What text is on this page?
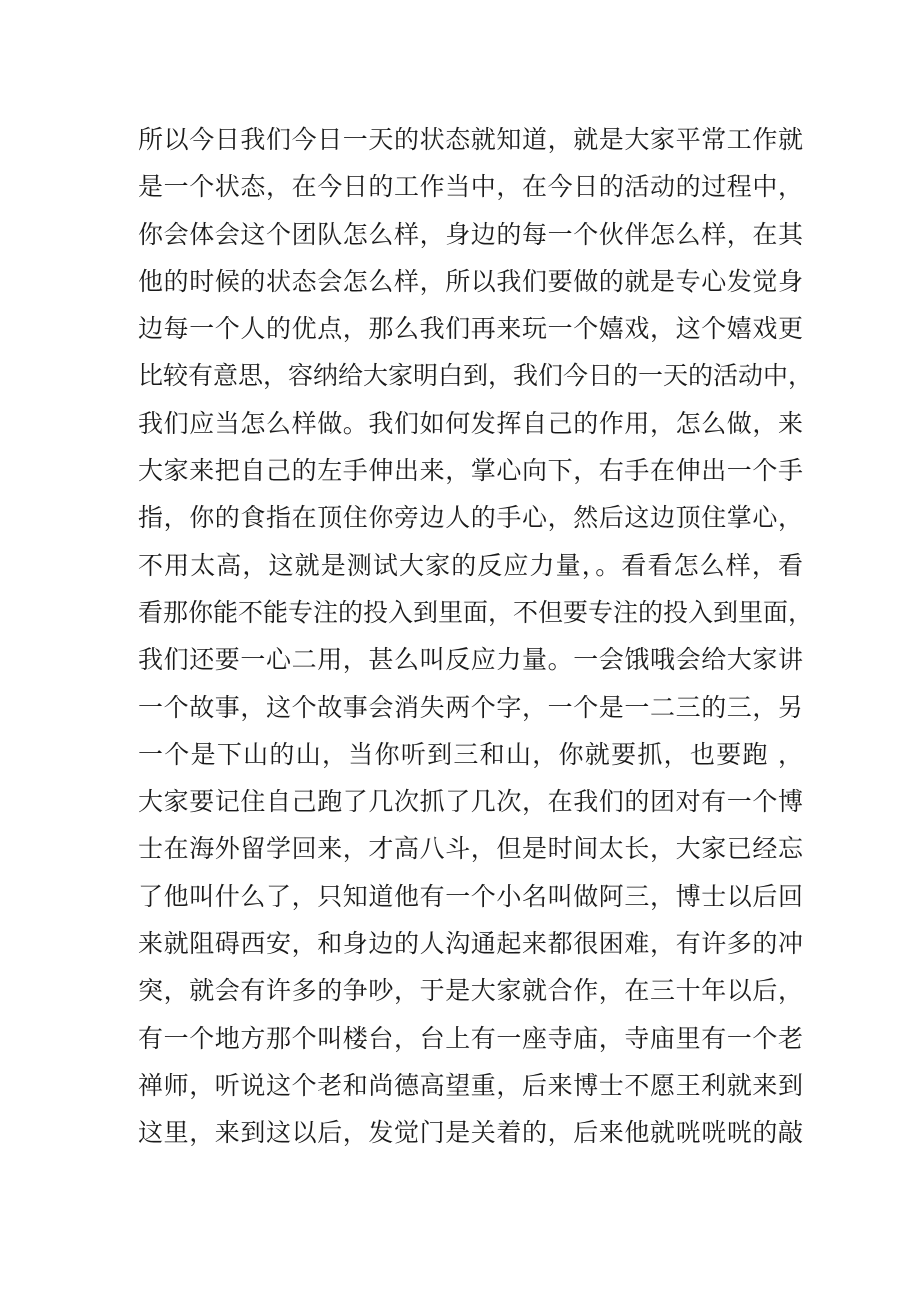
所以今日我们今日一天的状态就知道，就是大家平常工作就
是一个状态，在今日的工作当中，在今日的活动的过程中，
你会体会这个团队怎么样，身边的每一个伙伴怎么样，在其
他的时候的状态会怎么样，所以我们要做的就是专心发觉身
边每一个人的优点，那么我们再来玩一个嬉戏，这个嬉戏更
比较有意思，容纳给大家明白到，我们今日的一天的活动中，
我们应当怎么样做。我们如何发挥自己的作用，怎么做，来
大家来把自己的左手伸出来，掌心向下，右手在伸出一个手
指，你的食指在顶住你旁边人的手心，然后这边顶住掌心，
不用太高，这就是测试大家的反应力量，。看看怎么样，看
看那你能不能专注的投入到里面，不但要专注的投入到里面，
我们还要一心二用，甚么叫反应力量。一会饿哦会给大家讲
一个故事，这个故事会消失两个字，一个是一二三的三，另
一个是下山的山，当你听到三和山，你就要抓，也要跑 ，
大家要记住自己跑了几次抓了几次，在我们的团对有一个博
士在海外留学回来，才高八斗，但是时间太长，大家已经忘
了他叫什么了，只知道他有一个小名叫做阿三，博士以后回
来就阻碍西安，和身边的人沟通起来都很困难，有许多的冲
突，就会有许多的争吵，于是大家就合作，在三十年以后，
有一个地方那个叫楼台，台上有一座寺庙，寺庙里有一个老
禅师，听说这个老和尚德高望重，后来博士不愿王利就来到
这里，来到这以后，发觉门是关着的，后来他就咣咣咣的敲
